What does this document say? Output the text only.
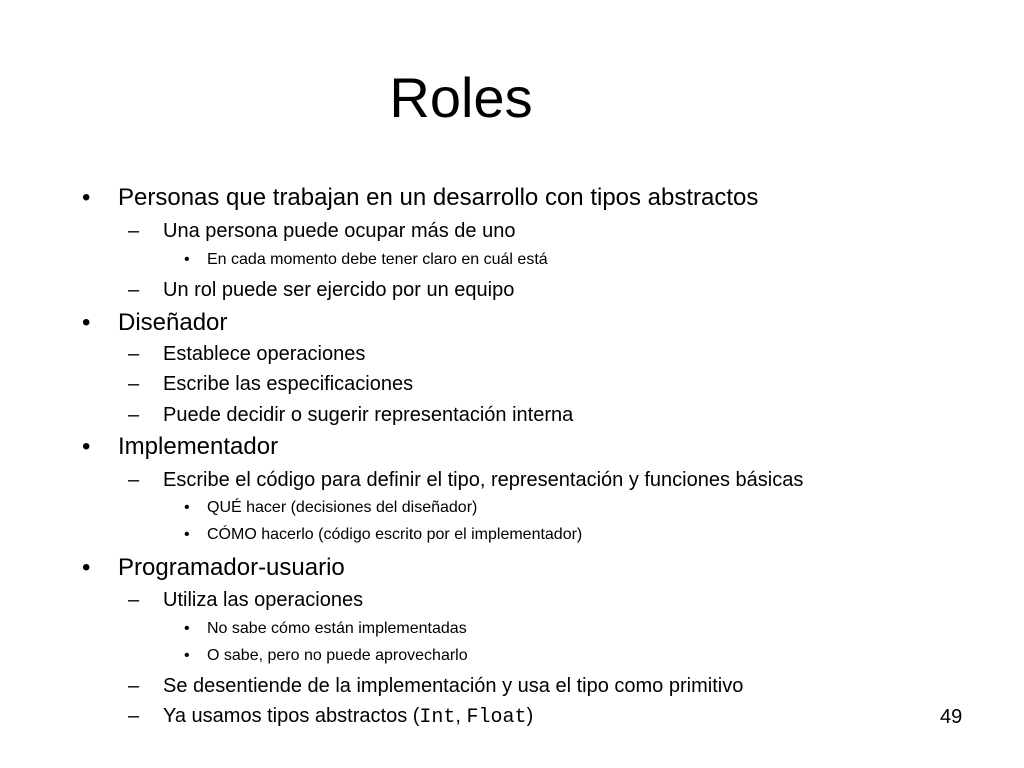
Roles
• Personas que trabajan en un desarrollo con tipos abstractos
– Una persona puede ocupar más de uno
• En cada momento debe tener claro en cuál está
– Un rol puede ser ejercido por un equipo
• Diseñador
– Establece operaciones
– Escribe las especificaciones
– Puede decidir o sugerir representación interna
• Implementador
– Escribe el código para definir el tipo, representación y funciones básicas
• QUÉ hacer (decisiones del diseñador)
• CÓMO hacerlo (código escrito por el implementador)
• Programador-usuario
– Utiliza las operaciones
• No sabe cómo están implementadas
• O sabe, pero no puede aprovecharlo
– Se desentiende de la implementación y usa el tipo como primitivo
– Ya usamos tipos abstractos (Int, Float)	49
